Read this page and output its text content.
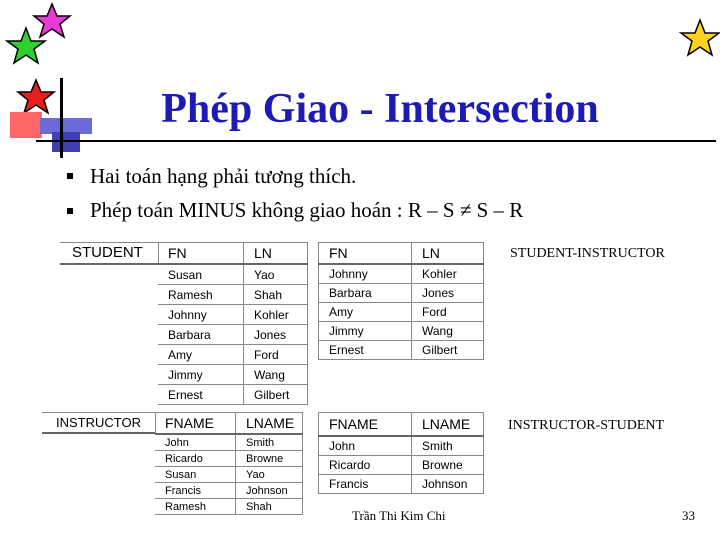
Phép Giao - Intersection
Hai toán hạng phải tương thích.
Phép toán MINUS không giao hoán : R – S ≠ S – R
STUDENT	FN	LN
Susan	Yao
Ramesh	Shah
Johnny	Kohler
Barbara	Jones
Amy	Ford
Jimmy	Wang
Ernest	Gilbert
FN	LN
Johnny	Kohler
Barbara	Jones
Amy	Ford
Jimmy	Wang
Ernest	Gilbert
STUDENT-INSTRUCTOR
INSTRUCTOR	FNAME	LNAME
John	Smith
Ricardo	Browne
Susan	Yao
Francis	Johnson
Ramesh	Shah
FNAME	LNAME
John	Smith
Ricardo	Browne
Francis	Johnson
INSTRUCTOR-STUDENT
Trần Thi Kim Chi	33
